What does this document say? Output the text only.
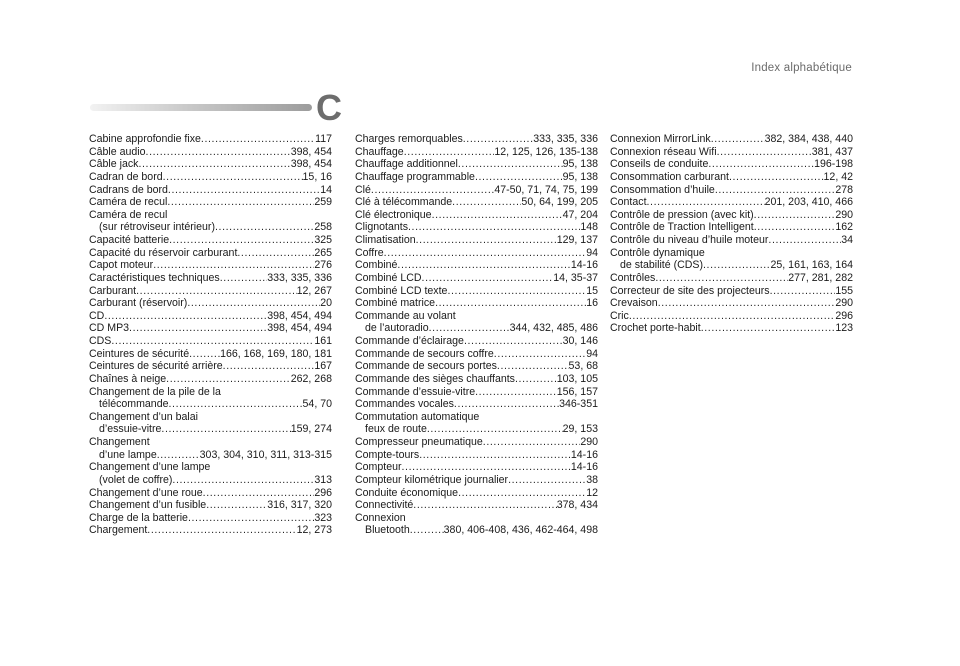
Index alphabétique
C
Cabine approfondie fixe .....	117
Câble audio .....	398, 454
Câble jack .....	398, 454
Cadran de bord .....	15, 16
Cadrans de bord .....	14
Caméra de recul .....	259
Caméra de recul
(sur rétroviseur intérieur) .....	258
Capacité batterie .....	325
Capacité du réservoir carburant .....	265
Capot moteur .....	276
Caractéristiques techniques .....	333, 335, 336
Carburant .....	12, 267
Carburant (réservoir) .....	20
CD .....	398, 454, 494
CD MP3 .....	398, 454, 494
CDS .....	161
Ceintures de sécurité .....	166, 168, 169, 180, 181
Ceintures de sécurité arrière .....	167
Chaînes à neige .....	262, 268
Changement de la pile de la
télécommande .....	54, 70
Changement d’un balai
d’essuie-vitre .....	159, 274
Changement
d’une lampe .....	303, 304, 310, 311, 313-315
Changement d’une lampe
(volet de coffre) .....	313
Changement d’une roue .....	296
Changement d’un fusible .....	316, 317, 320
Charge de la batterie .....	323
Chargement .....	12, 273
Charges remorquables .....	333, 335, 336
Chauffage .....	12, 125, 126, 135-138
Chauffage additionnel .....	95, 138
Chauffage programmable .....	95, 138
Clé .....	47-50, 71, 74, 75, 199
Clé à télécommande .....	50, 64, 199, 205
Clé électronique .....	47, 204
Clignotants .....	148
Climatisation .....	129, 137
Coffre .....	94
Combiné .....	14-16
Combiné LCD .....	14, 35-37
Combiné LCD texte .....	15
Combiné matrice .....	16
Commande au volant
de l’autoradio .....	344, 432, 485, 486
Commande d’éclairage .....	30, 146
Commande de secours coffre .....	94
Commande de secours portes .....	53, 68
Commande des sièges chauffants .....	103, 105
Commande d’essuie-vitre .....	156, 157
Commandes vocales .....	346-351
Commutation automatique
feux de route .....	29, 153
Compresseur pneumatique .....	290
Compte-tours .....	14-16
Compteur .....	14-16
Compteur kilométrique journalier .....	38
Conduite économique .....	12
Connectivité .....	378, 434
Connexion
Bluetooth .....	380, 406-408, 436, 462-464, 498
Connexion MirrorLink .....	382, 384, 438, 440
Connexion réseau Wifi .....	381, 437
Conseils de conduite .....	196-198
Consommation carburant .....	12, 42
Consommation d’huile .....	278
Contact .....	201, 203, 410, 466
Contrôle de pression (avec kit) .....	290
Contrôle de Traction Intelligent .....	162
Contrôle du niveau d’huile moteur .....	34
Contrôle dynamique
de stabilité (CDS) .....	25, 161, 163, 164
Contrôles .....	277, 281, 282
Correcteur de site des projecteurs .....	155
Crevaison .....	290
Cric .....	296
Crochet porte-habit .....	123
